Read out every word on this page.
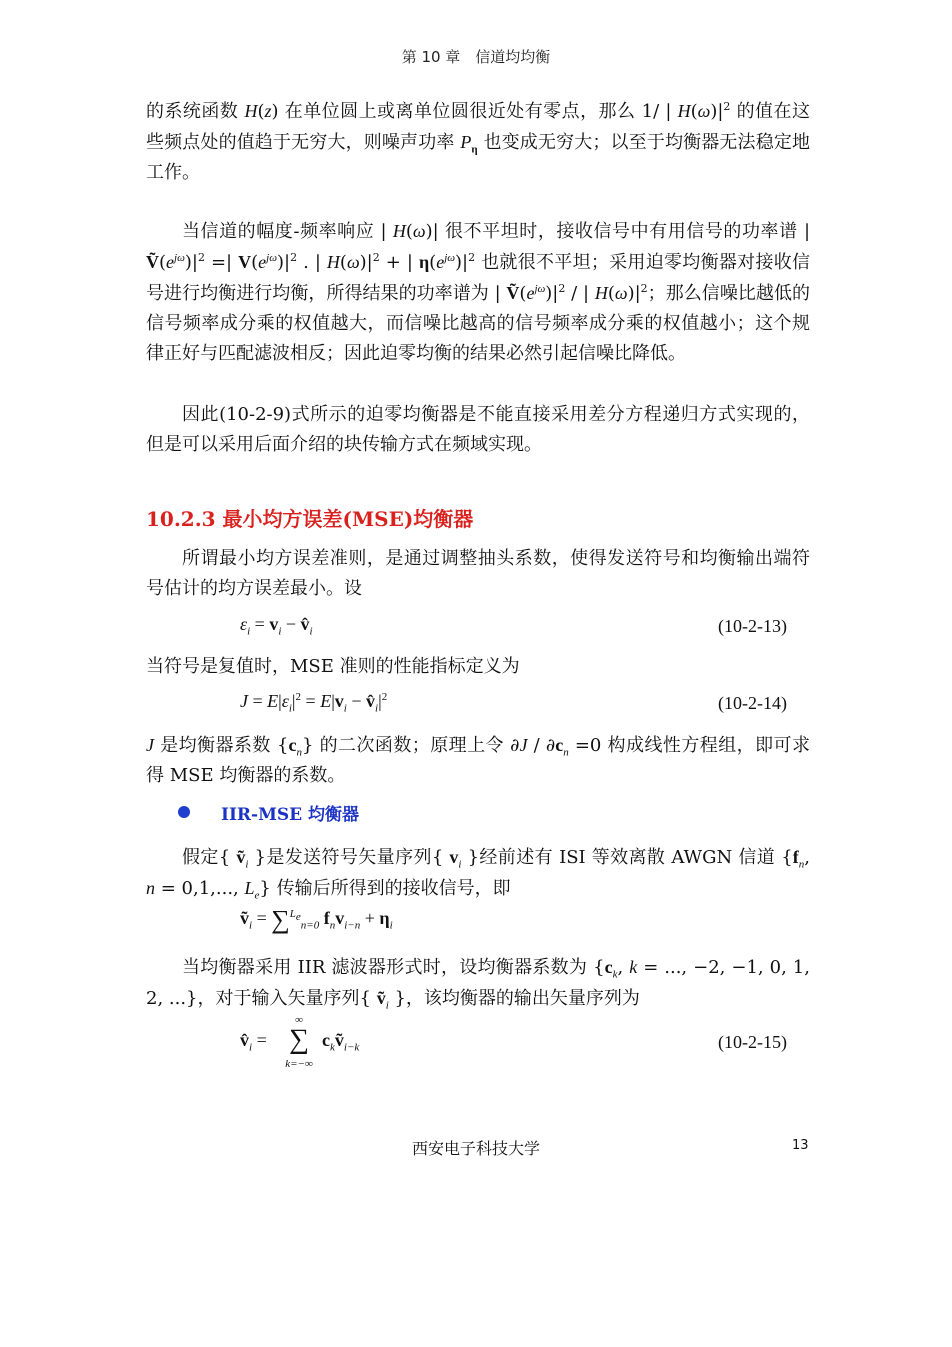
第 10 章　信道均均衡

的系统函数 H(z) 在单位圆上或离单位圆很近处有零点，那么 1/ | $H(\omega)|^2$ 的值在这些频点处的值趋于无穷大，则噪声功率 $P_\eta$ 也变成无穷大；以至于均衡器无法稳定地工作。

当信道的幅度-频率响应 | H(ω)| 很不平坦时，接收信号中有用信号的功率谱 | $Ṽ(e^{j\omega})|^2$ =| $V(e^{j\omega})|^2$ . | $H(\omega)|^2$ + | $\eta(e^{j\omega})|^2$ 也就很不平坦；采用迫零均衡器对接收信号进行均衡进行均衡，所得结果的功率谱为 | $Ṽ(e^{j\omega})|^2$ / | $H(\omega)|^2$；那么信噪比越低的信号频率成分乘的权值越大，而信噪比越高的信号频率成分乘的权值越小；这个规律正好与匹配滤波相反；因此迫零均衡的结果必然引起信噪比降低。

因此(10-2-9)式所示的迫零均衡器是不能直接采用差分方程递归方式实现的，但是可以采用后面介绍的块传输方式在频域实现。

10.2.3 最小均方误差(MSE)均衡器

所谓最小均方误差准则，是通过调整抽头系数，使得发送符号和均衡输出端符号估计的均方误差最小。设

$\varepsilon_i = v_i$ − $v̂_i$	(10-2-13)

当符号是复值时，MSE 准则的性能指标定义为

$J = E|\varepsilon_i|^2 = E|v_i$ − $v̂_i|^2$	(10-2-14)

J 是均衡器系数 $\{c_n\}$ 的二次函数；原理上令 $\partial J / \partial c_n =0$ 构成线性方程组，即可求得 MSE 均衡器的系数。

IIR-MSE 均衡器

假定{ ṽ$_i$ }是发送符号矢量序列{ $v_i$ }经前述有 ISI 等效离散 AWGN 信道 {$f_n$, n = 0,1,..., $L_e$} 传输后所得到的接收信号，即

ṽ$_i$ = ∑$^{L_e}_{n=0}$ $f_nv_{i-n} + \eta_i$

当均衡器采用 IIR 滤波器形式时，设均衡器系数为 {$c_k$, k = ..., −2, −1, 0, 1, 2, ...}，对于输入矢量序列{ ṽ$_i$ }，该均衡器的输出矢量序列为

$v̂_i$ =
∞
∑
k=−∞
$c_kṽ_{i-k}$	(10-2-15)
西安电子科技大学	13
